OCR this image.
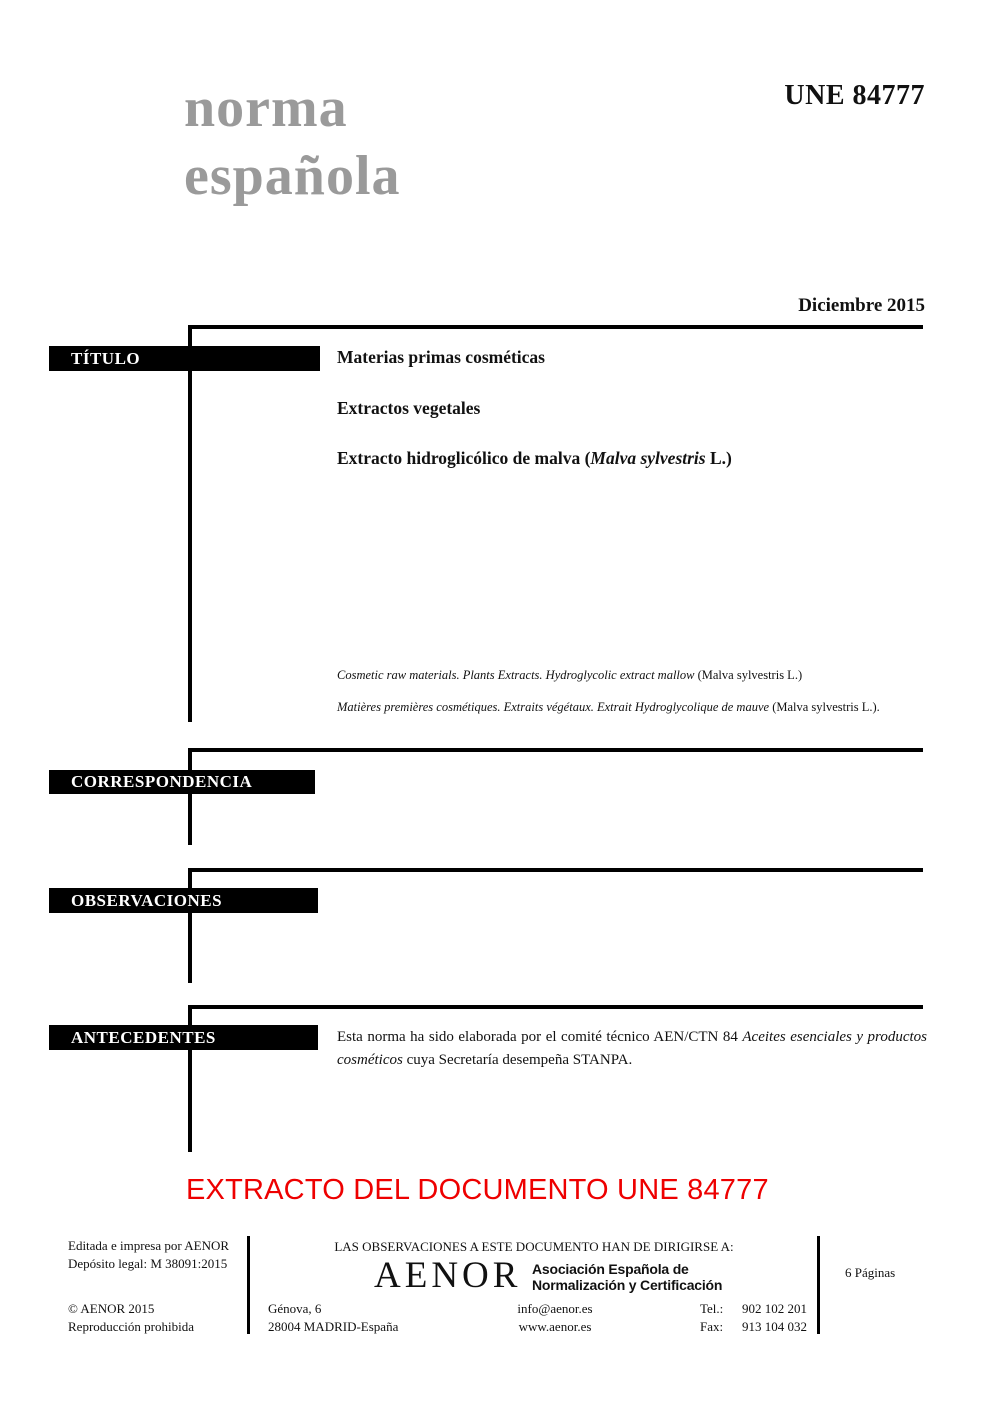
norma
española
UNE 84777
Diciembre 2015
TÍTULO	Materias primas cosméticas
Extractos vegetales
Extracto hidroglicólico de malva (Malva sylvestris L.)
Cosmetic raw materials. Plants Extracts. Hydroglycolic extract mallow (Malva sylvestris L.)
Matières premières cosmétiques. Extraits végétaux. Extrait Hydroglycolique de mauve (Malva sylvestris L.).
CORRESPONDENCIA
OBSERVACIONES
ANTECEDENTES	Esta norma ha sido elaborada por el comité técnico AEN/CTN 84 Aceites esenciales y productos cosméticos cuya Secretaría desempeña STANPA.
EXTRACTO DEL DOCUMENTO UNE 84777
Editada e impresa por AENOR
Depósito legal: M 38091:2015
© AENOR 2015
Reproducción prohibida
LAS OBSERVACIONES A ESTE DOCUMENTO HAN DE DIRIGIRSE A:
AENOR Asociación Española de
Normalización y Certificación
Génova, 6
28004 MADRID-España
info@aenor.es
www.aenor.es
Tel.:	902 102 201
Fax:	913 104 032
6 Páginas
